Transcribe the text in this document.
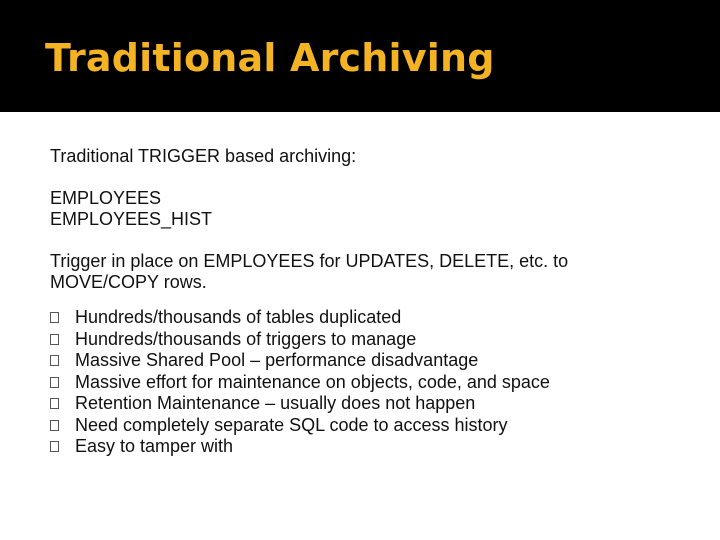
Traditional Archiving

Traditional TRIGGER based archiving:

EMPLOYEES

EMPLOYEES_HIST

Trigger in place on EMPLOYEES for UPDATES, DELETE, etc. to

MOVE/COPY rows.

Hundreds/thousands of tables duplicated
Hundreds/thousands of triggers to manage
Massive Shared Pool – performance disadvantage
Massive effort for maintenance on objects, code, and space
Retention Maintenance – usually does not happen
Need completely separate SQL code to access history
Easy to tamper with
